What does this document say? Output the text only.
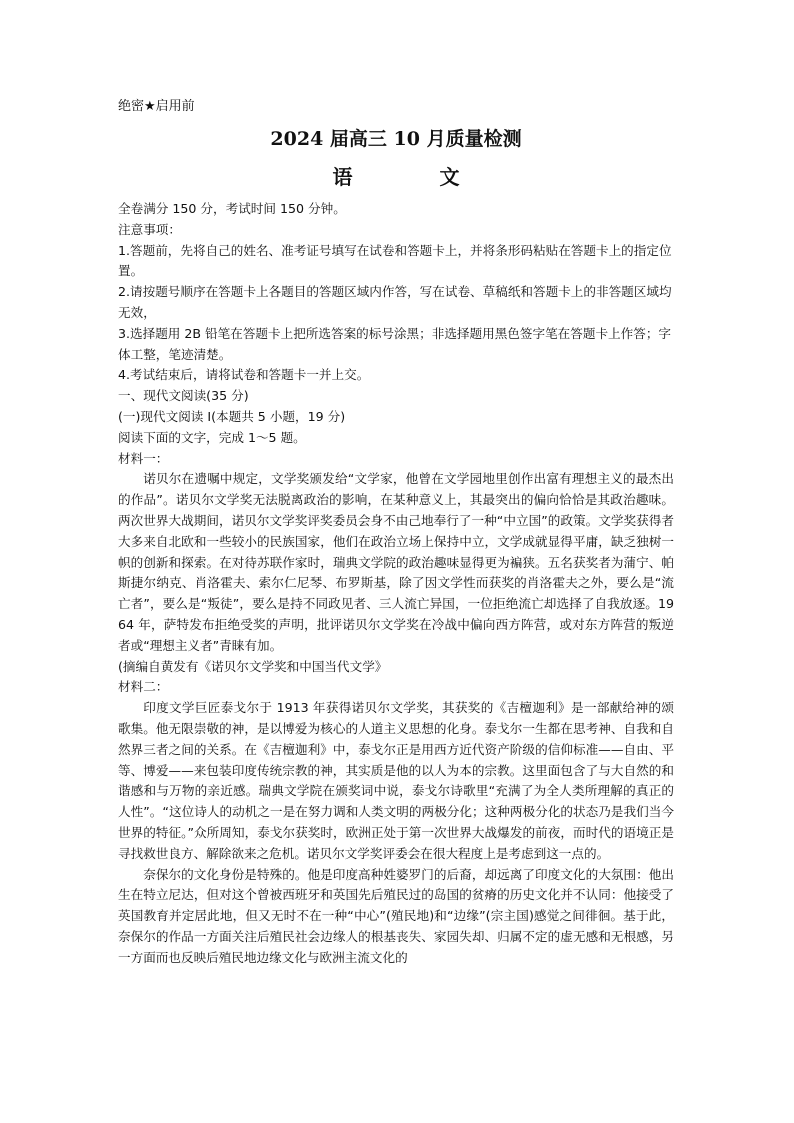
绝密★启用前

2024 届高三 10 月质量检测
语 文

全卷满分 150 分，考试时间 150 分钟。

注意事项：

1.答题前，先将自己的姓名、准考证号填写在试卷和答题卡上，并将条形码粘贴在答题卡上的指定位置。

2.请按题号顺序在答题卡上各题目的答题区域内作答，写在试卷、草稿纸和答题卡上的非答题区域均无效，

3.选择题用 2B 铅笔在答题卡上把所选答案的标号涂黑；非选择题用黑色签字笔在答题卡上作答；字体工整，笔迹清楚。

4.考试结束后，请将试卷和答题卡一并上交。

一、现代文阅读(35 分)

(一)现代文阅读 I(本题共 5 小题，19 分)

阅读下面的文字，完成 1～5 题。

材料一：

诺贝尔在遗嘱中规定，文学奖颁发给“文学家，他曾在文学园地里创作出富有理想主义的最杰出的作品”。诺贝尔文学奖无法脱离政治的影响，在某种意义上，其最突出的偏向恰恰是其政治趣味。两次世界大战期间，诺贝尔文学奖评奖委员会身不由己地奉行了一种“中立国”的政策。文学奖获得者大多来自北欧和一些较小的民族国家，他们在政治立场上保持中立，文学成就显得平庸，缺乏独树一帜的创新和探索。在对待苏联作家时，瑞典文学院的政治趣味显得更为褊狭。五名获奖者为蒲宁、帕斯捷尔纳克、肖洛霍夫、索尔仁尼琴、布罗斯基，除了因文学性而获奖的肖洛霍夫之外，要么是“流亡者”，要么是“叛徒”，要么是持不同政见者、三人流亡异国，一位拒绝流亡却选择了自我放逐。1964 年，萨特发布拒绝受奖的声明，批评诺贝尔文学奖在冷战中偏向西方阵营，或对东方阵营的叛逆者或“理想主义者”青睐有加。

(摘编自黄发有《诺贝尔文学奖和中国当代文学》

材料二：

印度文学巨匠泰戈尔于 1913 年获得诺贝尔文学奖，其获奖的《吉檀迦利》是一部献给神的颂歌集。他无限崇敬的神，是以博爱为核心的人道主义思想的化身。泰戈尔一生都在思考神、自我和自然界三者之间的关系。在《吉檀迦利》中，泰戈尔正是用西方近代资产阶级的信仰标准——自由、平等、博爱——来包装印度传统宗教的神，其实质是他的以人为本的宗教。这里面包含了与大自然的和谐感和与万物的亲近感。瑞典文学院在颁奖词中说，泰戈尔诗歌里“充满了为全人类所理解的真正的人性”。“这位诗人的动机之一是在努力调和人类文明的两极分化；这种两极分化的状态乃是我们当今世界的特征。”众所周知，泰戈尔获奖时，欧洲正处于第一次世界大战爆发的前夜，而时代的语境正是寻找救世良方、解除欲来之危机。诺贝尔文学奖评委会在很大程度上是考虑到这一点的。

奈保尔的文化身份是特殊的。他是印度高种姓婆罗门的后裔，却远离了印度文化的大氛围：他出生在特立尼达，但对这个曾被西班牙和英国先后殖民过的岛国的贫瘠的历史文化并不认同：他接受了英国教育并定居此地，但又无时不在一种“中心”(殖民地)和“边缘”(宗主国)感觉之间徘徊。基于此，奈保尔的作品一方面关注后殖民社会边缘人的根基丧失、家园失却、归属不定的虚无感和无根感，另一方面而也反映后殖民地边缘文化与欧洲主流文化的
